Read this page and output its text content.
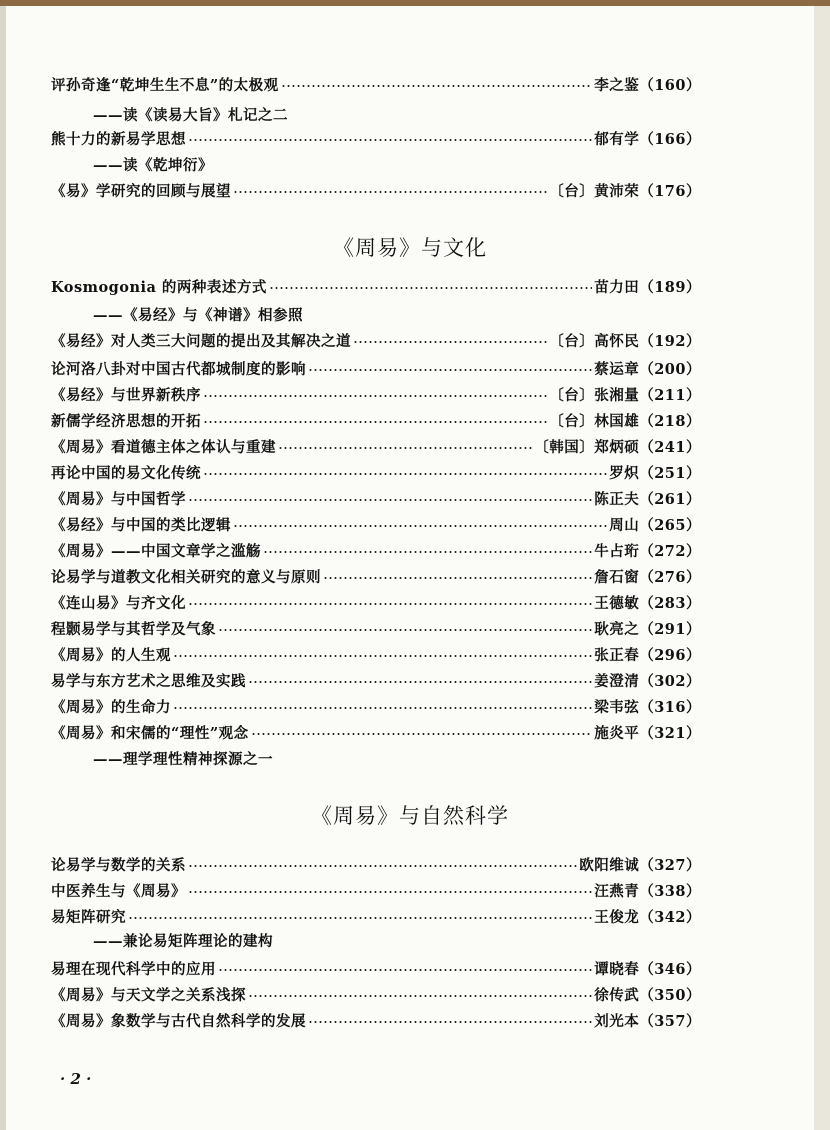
评孙奇逢“乾坤生生不息”的太极观	李之鉴（160）
——读《读易大旨》札记之二
熊十力的新易学思想	郁有学（166）
——读《乾坤衍》
《易》学研究的回顾与展望	〔台〕黄沛荣（176）
《周易》与文化
Kosmogonia 的两种表述方式	苗力田（189）
——《易经》与《神谱》相参照
《易经》对人类三大问题的提出及其解决之道	〔台〕高怀民（192）
论河洛八卦对中国古代都城制度的影响	蔡运章（200）
《易经》与世界新秩序	〔台〕张湘量（211）
新儒学经济思想的开拓	〔台〕林国雄（218）
《周易》看道德主体之体认与重建	〔韩国〕郑炳硕（241）
再论中国的易文化传统	罗炽（251）
《周易》与中国哲学	陈正夫（261）
《易经》与中国的类比逻辑	周山（265）
《周易》——中国文章学之滥觞	牛占珩（272）
论易学与道教文化相关研究的意义与原则	詹石窗（276）
《连山易》与齐文化	王德敏（283）
程颢易学与其哲学及气象	耿亮之（291）
《周易》的人生观	张正春（296）
易学与东方艺术之思维及实践	姜澄清（302）
《周易》的生命力	梁韦弦（316）
《周易》和宋儒的“理性”观念	施炎平（321）
——理学理性精神探源之一
《周易》与自然科学
论易学与数学的关系	欧阳维诚（327）
中医养生与《周易》	汪燕青（338）
易矩阵研究	王俊龙（342）
——兼论易矩阵理论的建构
易理在现代科学中的应用	谭晓春（346）
《周易》与天文学之关系浅探	徐传武（350）
《周易》象数学与古代自然科学的发展	刘光本（357）
· 2 ·
